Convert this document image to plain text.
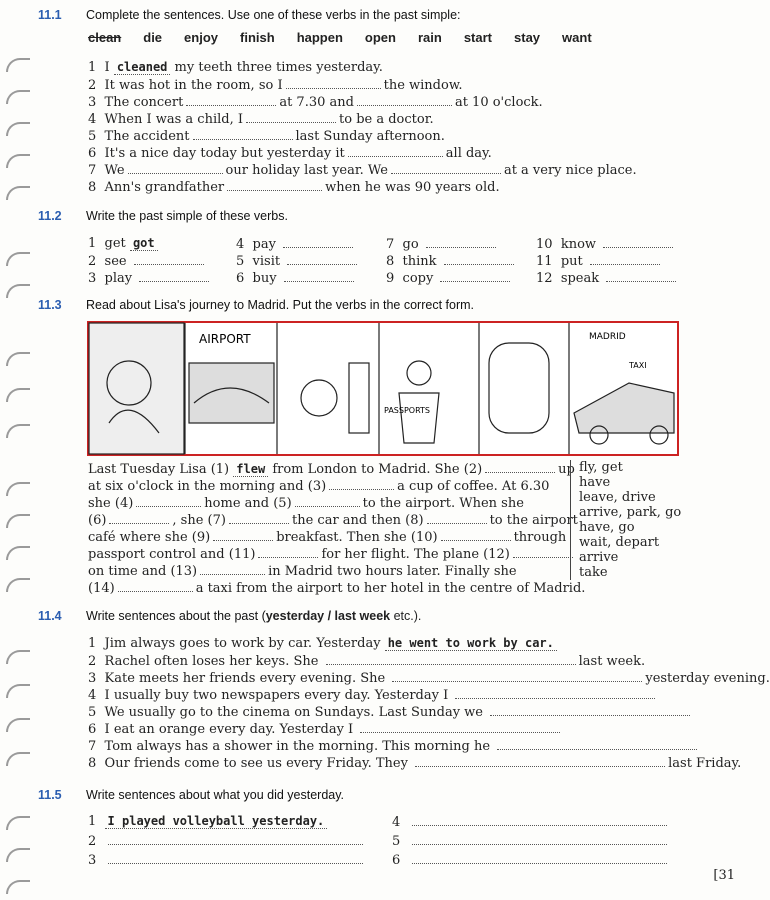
11.1 Complete the sentences. Use one of these verbs in the past simple:
clean die enjoy finish happen open rain start stay want
1 I cleaned my teeth three times yesterday.
2 It was hot in the room, so I	the window.
3 The concert	at 7.30 and	at 10 o'clock.
4 When I was a child, I	to be a doctor.
5 The accident	last Sunday afternoon.
6 It's a nice day today but yesterday it	all day.
7 We	our holiday last year. We	at a very nice place.
8 Ann's grandfather	when he was 90 years old.
11.2 Write the past simple of these verbs.
1 get got	4 pay	7 go	10 know
2 see	5 visit	8 think	11 put
3 play	6 buy	9 copy	12 speak
11.3 Read about Lisa's journey to Madrid. Put the verbs in the correct form.
AIRPORT	MADRID
PASSPORTS
TAXI
Last Tuesday Lisa (1) flew from London to Madrid. She (2)	up
at six o'clock in the morning and (3)	a cup of coffee. At 6.30
she (4)	home and (5)	to the airport. When she
(6)	, she (7)	the car and then (8)	to the airport
café where she (9)	breakfast. Then she (10)	through
passport control and (11)	for her flight. The plane (12)
on time and (13)	in Madrid two hours later. Finally she
(14)	a taxi from the airport to her hotel in the centre of Madrid.
fly, get
have
leave, drive
arrive, park, go
have, go
wait, depart
arrive
take
11.4 Write sentences about the past (yesterday / last week etc.).
1 Jim always goes to work by car. Yesterday he went to work by car.
2 Rachel often loses her keys. She	last week.
3 Kate meets her friends every evening. She	yesterday evening.
4 I usually buy two newspapers every day. Yesterday I
5 We usually go to the cinema on Sundays. Last Sunday we
6 I eat an orange every day. Yesterday I
7 Tom always has a shower in the morning. This morning he
8 Our friends come to see us every Friday. They	last Friday.
11.5 Write sentences about what you did yesterday.
1 I played volleyball yesterday.
2
3
4
5
6
[31
